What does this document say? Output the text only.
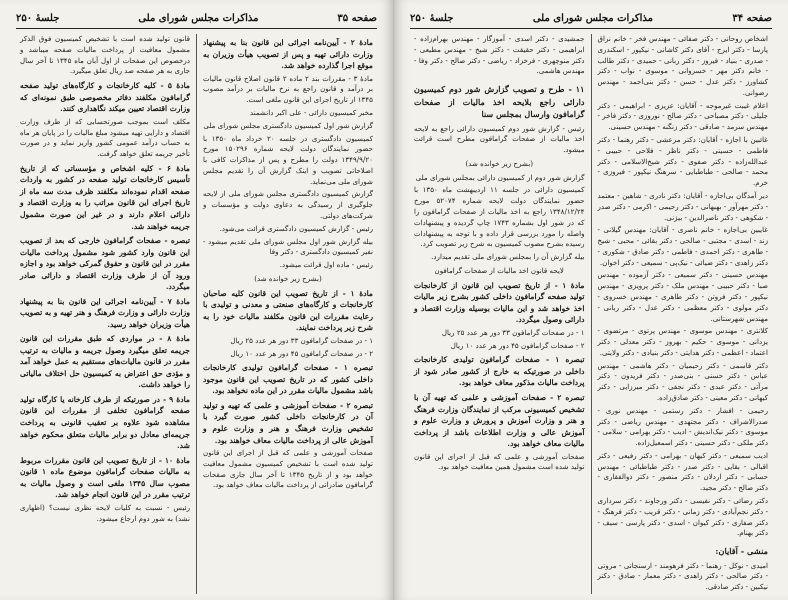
صفحه ۳۵
مذاکرات مجلس شورای ملی
جلسهٔ ۲۵۰

مادهٔ ۲ - آیین‌نامه اجرائی این قانون بنا به پیشنهاد وزارت دارائی تهیه و پس از تصویب هیأت وزیران به موقع اجرا گذارده خواهد شد.

مادهٔ ۳ - مقررات بند ۲ ماده ۲ قانون اصلاح قانون مالیات بر درآمد و قانون راجع به نرخ مالیات بر درآمد مصوب ۱۳۴۵ از تاریخ اجرای این قانون ملغی است.

مخبر کمیسیون دارائی - علی اکبر دانشمند

گزارش شور اول کمیسیون دادگستری مجلس شورای ملی

کمیسیون دادگستری در جلسه ۲۰ خرداد ماه ۱۳۵۰ با حضور نمایندگان دولت لایحه شماره ۱۵۰۲۹۶ مورخ ۱۳۴۹/۹/۲۰ دولت را مطرح و پس از مذاکرات کافی با اصلاحاتی تصویب و اینک گزارش آن را تقدیم مجلس شورای ملی می‌نماید.

گزارش کمیسیون دادگستری مجلس شورای ملی از لایحه جلوگیری از رسیدگی به دعاوی دولت و مؤسسات و شرکت‌های دولتی.

رئیس - گزارش کمیسیون دادگستری قرائت می‌شود.

بیله گزارش شور اول مجلس شورای ملی تقدیم میشود - نفیر کمیسیون دادگستری - دکتر وفا

رئیس - ماده اول قرائت میشود.

(بشرح زیر خوانده شد)

مادهٔ ۱ - از تاریخ تصویب این قانون کلیه صاحبان کارخانجات و کارگاه‌های صنعتی و معدنی و تولیدی با رعایت مقررات این قانون مکلفند مالیات خود را به شرح زیر پرداخت نمایند.

۱ - در صفحات گرامافون ۳۳ دور هر عدد ۲۵ ریال

۲ - در صفحات گرامافون ۴۵ دور هر عدد ۱۰ ریال

تبصره ۱ - صفحات گرامافون تولیدی کارخانجات داخلی کشور که در تاریخ تصویب این قانون موجود باشد مشمول مالیات مقرر در این ماده نخواهد بود.

تبصره ۲ - صفحات آموزشی و علمی که تهیه و تولید آن در کارخانجات داخلی کشور صورت گیرد با تشخیص وزارت فرهنگ و هنر و وزارت علوم و آموزش عالی از پرداخت مالیات معاف خواهند بود.

صفحات آموزشی و علمی که قبل از اجرای این قانون تولید شده است با تشخیص کمیسیون مشمول معافیت خواهد بود و از تاریخ ۱۳۴۵ تا آخر سال جاری صفحات گرامافون صادراتی از پرداخت مالیات معاف خواهد بود.

قانون تولید شده است با تشخیص کمیسیون فوق الذکر مشمول معافیت از پرداخت مالیات صفحه میباشد و درخصوص این صفحات از اول آبان ماه ۱۳۴۵ تا آخر سال جاری به هر صفحه صد ریال تعلق میگیرد.

مادهٔ ۵ - کلیه کارخانجات و کارگاه‌های تولید صفحه گرامافون مکلفند دفاتر مخصوصی طبق نمونه‌ای که وزارت اقتصاد تعیین میکند نگاهداری کنند.

مکلف است بموجب صورتحسابی که از طرف وزارت اقتصاد و دارایی تهیه میشود مبلغ مالیات را در پایان هر ماه به حساب درآمد عمومی کشور واریز نماید و در صورت تأخیر جریمه تعلق خواهد گرفت.

مادهٔ ۶ - کلیه اشخاص و مؤسساتی که از تاریخ تأسیس کارخانجات تولید صفحه در کشور به واردات صفحه اقدام نموده‌اند مکلفند ظرف مدت سه ماه از تاریخ اجرای این قانون مراتب را به وزارت اقتصاد و دارائی اعلام دارند و در غیر این صورت مشمول جریمه خواهند شد.

تبصره - صفحات گرامافون خارجی که بعد از تصویب این قانون وارد کشور شود مشمول پرداخت مالیات مقرر در این قانون و حقوق گمرکی خواهد بود و اجازه ورود آن از طرف وزارت اقتصاد و دارائی صادر میگردد.

مادهٔ ۷ - آیین‌نامه اجرائی این قانون بنا به پیشنهاد وزارت دارائی و وزارت فرهنگ و هنر تهیه و به تصویب هیأت وزیران خواهد رسید.

مادهٔ ۸ - در مواردی که طبق مقررات این قانون جریمه تعلق میگیرد وصول جریمه و مالیات به ترتیب مقرر در قانون مالیات‌های مستقیم به عمل خواهد آمد و مؤدی حق اعتراض به کمیسیون حل اختلاف مالیاتی را خواهد داشت.

مادهٔ ۹ - در صورتیکه از طرف کارخانه یا کارگاه تولید صفحه گرامافون تخلفی از مقررات این قانون مشاهده شود علاوه بر تعقیب قانونی به پرداخت جریمه‌ای معادل دو برابر مالیات متعلق محکوم خواهد شد.

مادهٔ ۱۰ - از تاریخ تصویب این قانون مقررات مربوط به مالیات صفحات گرامافون موضوع ماده ۱ قانون مصوب سال ۱۳۴۵ ملغی است و وصول مالیات به ترتیب مقرر در این قانون انجام خواهد شد.

رئیس - نسبت به کلیات لایحه نظری نیست؟ (اظهاری نشد) به شور دوم ارجاع میشود.

صفحه ۳۴
مذاکرات مجلس شورای ملی
جلسهٔ ۲۵۰

اشخاص روحانی - دکتر صفائی - مهندس فخر - خانم نراق پارسا - دکتر ایرج - آقای دکتر کاشانی - نیکپور - اسکندری - صدری - بنیاد - فیروز - دکتر ربانی - حمیدی - دکتر طالب - خانم دکتر مهر - خسروانی - موسوی - نواب - دکتر کشاورز - دکتر عدل - حسن - دکتر بنی‌احمد - مهندس رضوانی.

اعلام غیبت غیرموجه - آقایان: عزیزی - ابراهیمی - دکتر جلیلی - دکتر مصباحی - دکتر صالح - نوروزی - دکتر فاخر - مهندس سرمد - صادقی - دکتر زنگنه - مهندس حسینی.

غائبین با اجازه - آقایان: دکتر مرعشی - دکتر رهنما - دکتر فاطمی - حسینی - دکتر ناظر - فلاحی - حبیبی - عبدالله‌زاده - دکتر صفوی - دکتر شیخ‌الاسلامی - دکتر محمد - صالحی - طباطبایی - سرهنگ نیکپور - فیروزی - خرم.

دیر آمدگان بی‌اجازه - آقایان: دکتر نادری - شاهین - معتمد - دکتر مهرآور - بهبهانی - دکتر رحیمی - اکرمی - دکتر صدر - شکوهی - دکتر ناصرالدین - بیژنی.

غایبین بی‌اجازه - خانم ناصری - آقایان: مهندس گیلانی - زند - اسدی - مجتبی - صالحی - دکتر بقائی - محبی - شیخ - طاهری - دکتر احمدی - فاطمی - دکتر صادق - شکوری - دکتر زاهدی - دکتر ضیائی - نیک‌پی - سمیعی - دکتر اخوان.

مهندس حسینی - دکتر سمیعی - دکتر آزموده - مهندس صبا - دکتر حبیبی - مهندس ملک - دکتر پرویزی - مهندس نیکپور - دکتر فروتن - دکتر طاهری - مهندس خسروی - دکتر مولوی - دکتر معظمی - دکتر عدل - دکتر ربانی - مهندس شهرستانی.

کلانتری - مهندس موسوی - مهندس پرتوی - مرتضوی - یزدانی - موسوی - حکیم - بهروز - دکتر معدلی - دکتر اعتماد - اعظمی - دکتر هدایتی - دکتر بنیادی - دکتر ولایتی.

دکتر قاسمی - دکتر رحیمیان - دکتر هاشمی - مهندس عباس - دکتر حسنی - بنی‌صدر - دکتر فریدون - دکتر مرآتی - دکتر عبدی - دکتر نجفی - دکتر میرزایی - دکتر کیهانی - دکتر معینی - دکتر صادق‌زاده.

رحیمی - افشار - دکتر رستمی - مهندس نوری - صدرالاشراف - دکتر مجتهدی - مهندس ریاضی - دکتر موسوی - دکتر نیک‌اندیش - ادیب - دکتر بهرامی - سلامی - دکتر ملکی - دکتر حسینی - دکتر اسمعیل‌زاده.

ادیب سمیعی - دکتر کیهان - بهرامی - دکتر رفیعی - دکتر اقبالی - بقایی - دکتر صدر - دکتر طباطبائی - مهندس حسابی - دکتر اردلان - دکتر منصور - دکتر ذوالفقاری - دکتر صالح - دکتر مجید.

دکتر رضائی - دکتر نفیسی - دکتر ورجاوند - دکتر سرداری - دکتر نجم‌آبادی - دکتر زمانی - دکتر قریب - دکتر فرهنگ - دکتر صفاری - دکتر کیوان - اسدی - دکتر پارسی - سیف - دکتر بهنام.

منشی - آقایان:

امیدی - نوکل - رهنما - دکتر فرهومند - ارسنجانی - مروتی - دکتر صالحی - دکتر زاهدی - دکتر معمار - صادق - دکتر نیکبین - دکتر صادقی.

جمشیدی - دکتر اسدی - آموزگار - مهندس بهرام‌زاده - ابراهیمی - دکتر حقیقت - دکتر شیخ - مهندس مطیعی - دکتر منوچهری - فرخزاد - ریاضی - دکتر صالح - دکتر وفا - مهندس هاشمی.

۱۱ - طرح و تصویب گزارش شور دوم کمیسیون دارائی راجع بلایحه اخذ مالیات از صفحات گرامافون وارسال بمجلس سنا

رئیس - گزارش شور دوم کمیسیون دارائی راجع به لایحه اخذ مالیات از صفحات گرامافون مطرح است قرائت میشود.

(بشرح زیر خوانده شد)

گزارش شور دوم از کمیسیون دارائی بمجلس شورای ملی

کمیسیون دارائی در جلسه ۱۱ اردیبهشت ماه ۱۳۵۰ با حضور نمایندگان دولت لایحه شماره ۵۲۰۷۴ مورخ ۱۳۴۸/۱۲/۲۴ راجع به اخذ مالیات از صفحات گرامافون را که در شور اول بشماره ۱۷۴۳ چاپ گردیده و پیشنهادات واصله را مورد بررسی قرار داده و با توجه به پیشنهادات رسیده بشرح مصوب کمیسیون به شرح زیر تصویب کرد.

بیله گزارش آن را بمجلس شورای ملی تقدیم میدارد.

لایحه قانون اخذ مالیات از صفحات گرامافون

مادهٔ ۱ - از تاریخ تصویب این قانون از کارخانجات تولید صفحه گرامافون داخلی کشور بشرح زیر مالیات اخذ خواهد شد و این مالیات بوسیله وزارت اقتصاد و دارائی وصول میگردد.

۱ - در صفحات گرامافون ۳۳ دور هر عدد ۲۵ ریال

۲ - صفحات گرامافون ۴۵ دور هر عدد ۱۰ ریال

تبصره ۱ - صفحات گرامافون تولیدی کارخانجات داخلی در صورتیکه به خارج از کشور صادر شود از پرداخت مالیات مذکور معاف خواهد بود.

تبصره ۲ - صفحات آموزشی و علمی که تهیه آن با تشخیص کمیسیونی مرکب از نمایندگان وزارت فرهنگ و هنر و وزارت آموزش و پرورش و وزارت علوم و آموزش عالی و وزارت اطلاعات باشد از پرداخت مالیات معاف خواهد بود.

صفحات آموزشی و علمی که قبل از اجرای این قانون تولید شده است مشمول همین معافیت خواهد بود.
